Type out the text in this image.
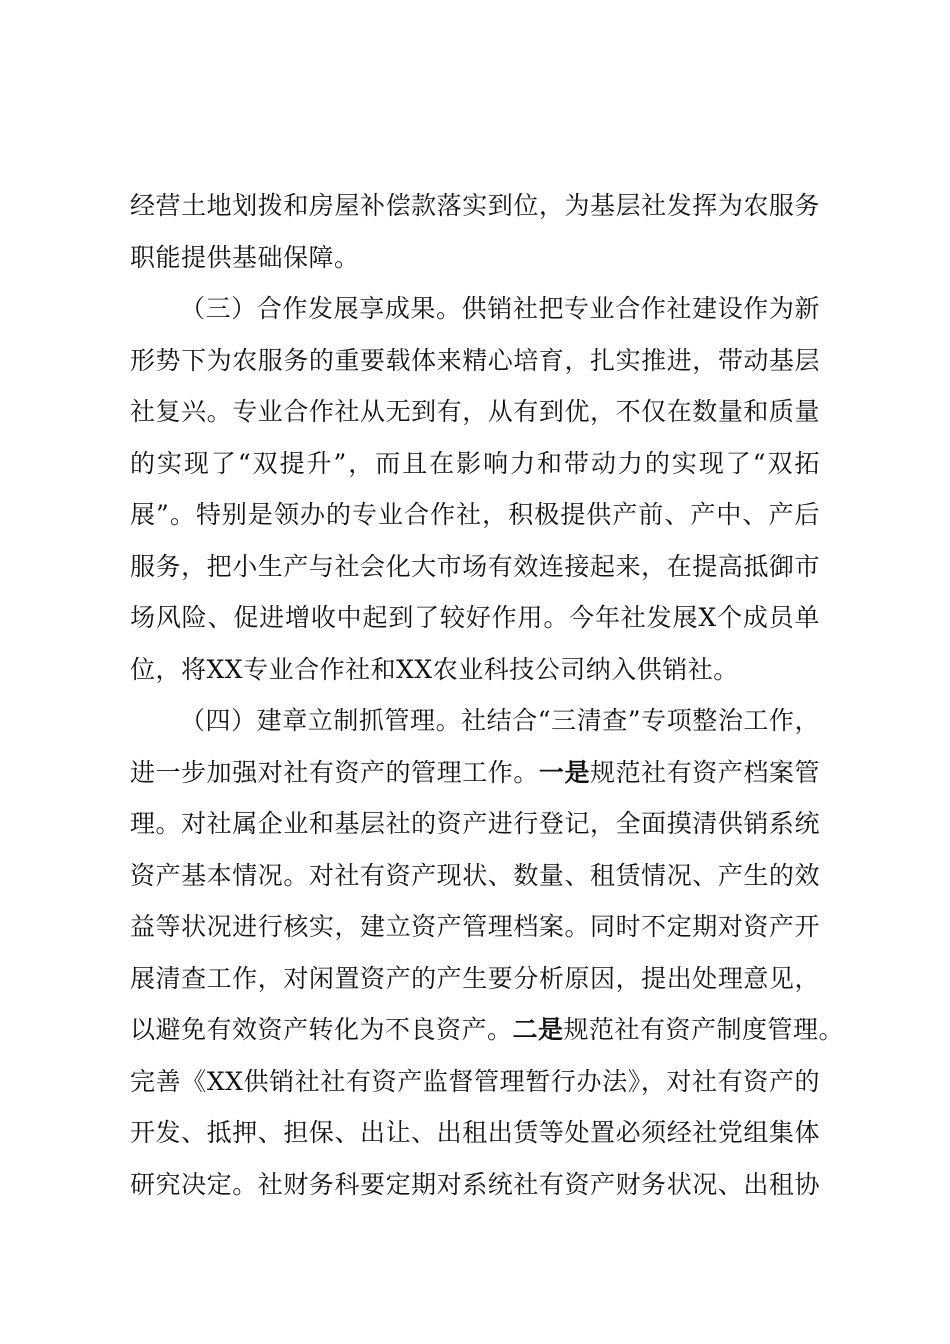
经营土地划拨和房屋补偿款落实到位，为基层社发挥为农服务
职能提供基础保障。
（三）合作发展享成果。供销社把专业合作社建设作为新
形势下为农服务的重要载体来精心培育，扎实推进，带动基层
社复兴。专业合作社从无到有，从有到优，不仅在数量和质量
的实现了“双提升”，而且在影响力和带动力的实现了“双拓
展”。特别是领办的专业合作社，积极提供产前、产中、产后
服务，把小生产与社会化大市场有效连接起来，在提高抵御市
场风险、促进增收中起到了较好作用。今年社发展X个成员单
位，将XX专业合作社和XX农业科技公司纳入供销社。
（四）建章立制抓管理。社结合“三清查”专项整治工作，
进一步加强对社有资产的管理工作。一是规范社有资产档案管
理。对社属企业和基层社的资产进行登记，全面摸清供销系统
资产基本情况。对社有资产现状、数量、租赁情况、产生的效
益等状况进行核实，建立资产管理档案。同时不定期对资产开
展清查工作，对闲置资产的产生要分析原因，提出处理意见，
以避免有效资产转化为不良资产。二是规范社有资产制度管理。
完善《XX供销社社有资产监督管理暂行办法》，对社有资产的
开发、抵押、担保、出让、出租出赁等处置必须经社党组集体
研究决定。社财务科要定期对系统社有资产财务状况、出租协
